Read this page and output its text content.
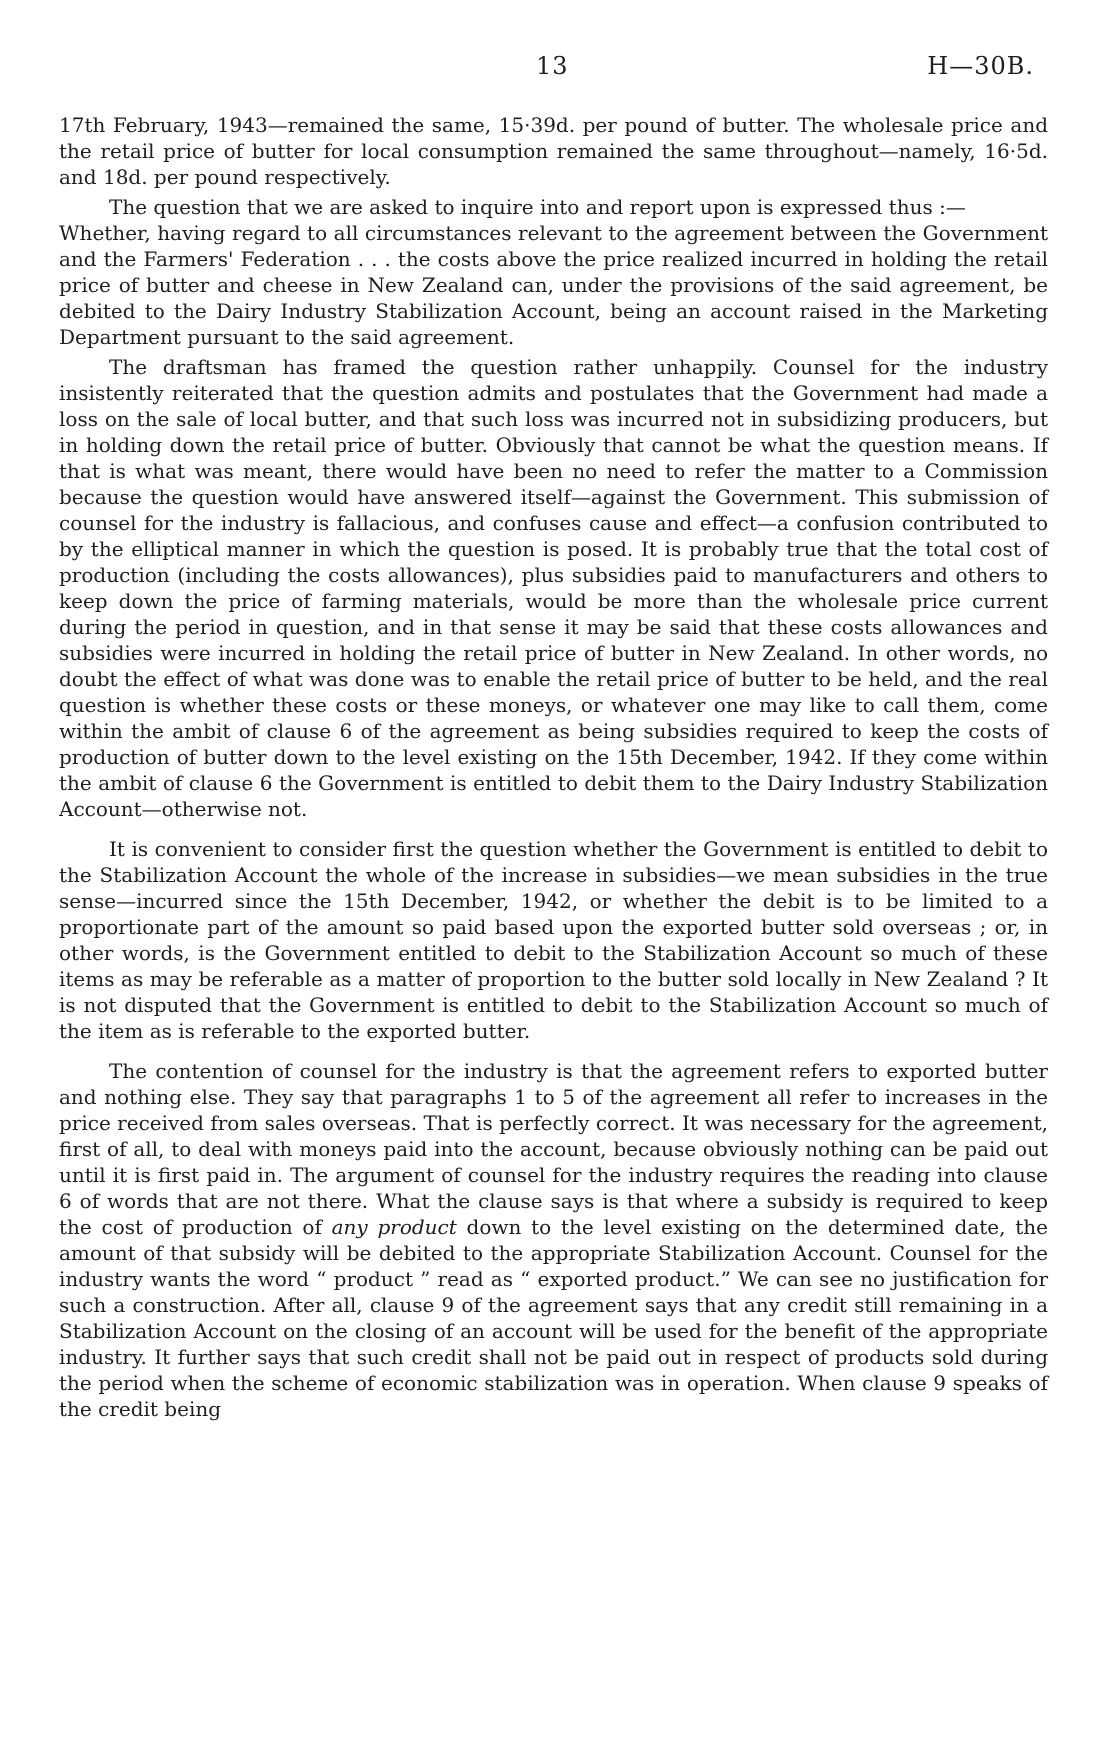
13	H—30B.

17th February, 1943—remained the same, 15·39d. per pound of butter. The wholesale price and the retail price of butter for local consumption remained the same throughout—namely, 16·5d. and 18d. per pound respectively.

The question that we are asked to inquire into and report upon is expressed thus :—

Whether, having regard to all circumstances relevant to the agreement between the Government and the Farmers' Federation . . . the costs above the price realized incurred in holding the retail price of butter and cheese in New Zealand can, under the provisions of the said agreement, be debited to the Dairy Industry Stabilization Account, being an account raised in the Marketing Department pursuant to the said agreement.

The draftsman has framed the question rather unhappily. Counsel for the industry insistently reiterated that the question admits and postulates that the Government had made a loss on the sale of local butter, and that such loss was incurred not in subsidizing producers, but in holding down the retail price of butter. Obviously that cannot be what the question means. If that is what was meant, there would have been no need to refer the matter to a Commission because the question would have answered itself—against the Government. This submission of counsel for the industry is fallacious, and confuses cause and effect—a confusion contributed to by the elliptical manner in which the question is posed. It is probably true that the total cost of production (including the costs allowances), plus subsidies paid to manufacturers and others to keep down the price of farming materials, would be more than the wholesale price current during the period in question, and in that sense it may be said that these costs allowances and subsidies were incurred in holding the retail price of butter in New Zealand. In other words, no doubt the effect of what was done was to enable the retail price of butter to be held, and the real question is whether these costs or these moneys, or whatever one may like to call them, come within the ambit of clause 6 of the agreement as being subsidies required to keep the costs of production of butter down to the level existing on the 15th December, 1942. If they come within the ambit of clause 6 the Government is entitled to debit them to the Dairy Industry Stabilization Account—otherwise not.

It is convenient to consider first the question whether the Government is entitled to debit to the Stabilization Account the whole of the increase in subsidies—we mean subsidies in the true sense—incurred since the 15th December, 1942, or whether the debit is to be limited to a proportionate part of the amount so paid based upon the exported butter sold overseas ; or, in other words, is the Government entitled to debit to the Stabilization Account so much of these items as may be referable as a matter of proportion to the butter sold locally in New Zealand ? It is not disputed that the Government is entitled to debit to the Stabilization Account so much of the item as is referable to the exported butter.

The contention of counsel for the industry is that the agreement refers to exported butter and nothing else. They say that paragraphs 1 to 5 of the agreement all refer to increases in the price received from sales overseas. That is perfectly correct. It was necessary for the agreement, first of all, to deal with moneys paid into the account, because obviously nothing can be paid out until it is first paid in. The argument of counsel for the industry requires the reading into clause 6 of words that are not there. What the clause says is that where a subsidy is required to keep the cost of production of any product down to the level existing on the determined date, the amount of that subsidy will be debited to the appropriate Stabilization Account. Counsel for the industry wants the word “ product ” read as “ exported product.” We can see no justification for such a construction. After all, clause 9 of the agreement says that any credit still remaining in a Stabilization Account on the closing of an account will be used for the benefit of the appropriate industry. It further says that such credit shall not be paid out in respect of products sold during the period when the scheme of economic stabilization was in operation. When clause 9 speaks of the credit being
